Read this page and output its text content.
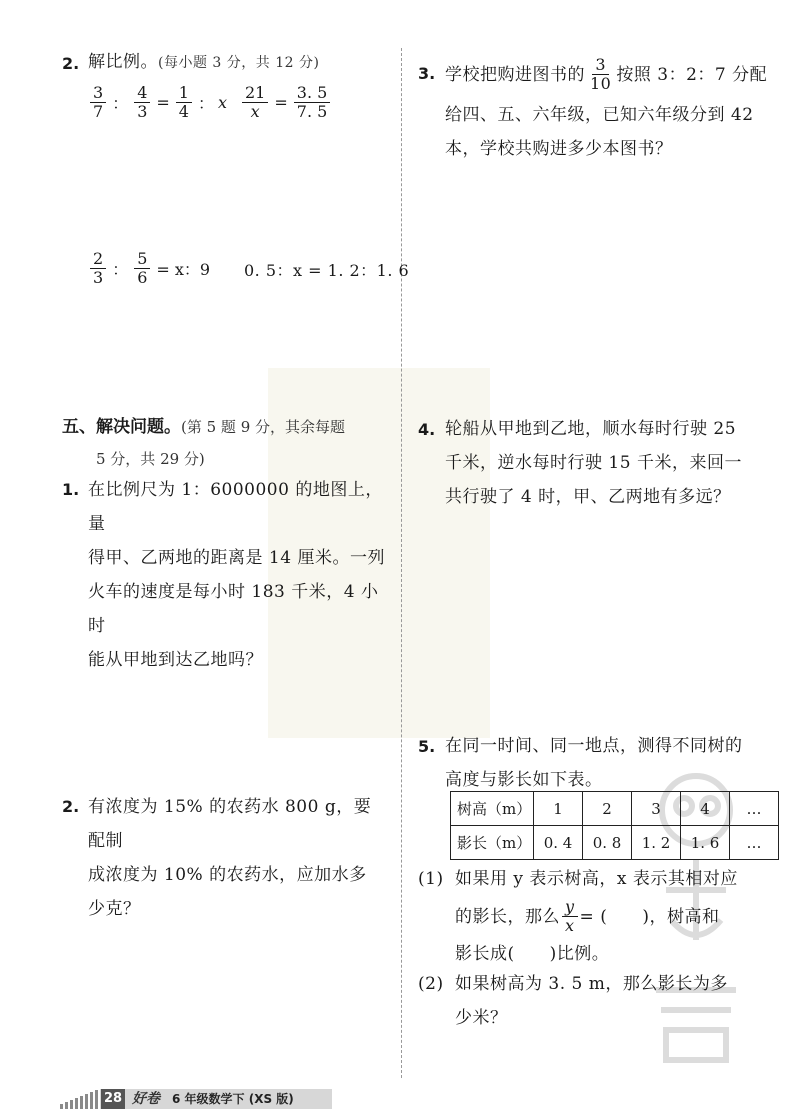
2. 解比例。(每小题 3 分，共 12 分)
$\frac{3}{7}$ ： $\frac{4}{3} = \frac{1}{4}$ ： x $\frac{21}{x} = \frac{3. 5}{7. 5}$
$\frac{2}{3}$ ： $\frac{5}{6} = x$：9 0. 5：x = 1. 2：1. 6
五、解决问题。(第 5 题 9 分，其余每题
5 分，共 29 分)
1. 在比例尺为 1：6000000 的地图上，量
得甲、乙两地的距离是 14 厘米。一列
火车的速度是每小时 183 千米，4 小时
能从甲地到达乙地吗？
2. 有浓度为 15% 的农药水 800 g，要配制
成浓度为 10% 的农药水，应加水多
少克？
3. 学校把购进图书的 $\frac{3}{10}$ 按照 3：2：7 分配
给四、五、六年级，已知六年级分到 42
本，学校共购进多少本图书？
4. 轮船从甲地到乙地，顺水每时行驶 25
千米，逆水每时行驶 15 千米，来回一
共行驶了 4 时，甲、乙两地有多远？
5. 在同一时间、同一地点，测得不同树的
高度与影长如下表。
树高（m）	1	2	3	4	…
影长（m）	0. 4	0. 8	1. 2	1. 6	…
(1) 如果用 y 表示树高，x 表示其相对应
的影长，那么 $\frac{y}{x}$ = (　　)，树高和
影长成(　　)比例。
(2) 如果树高为 3. 5 m，那么影长为多
少米？
28 好卷 6 年级数学下 (XS 版)
